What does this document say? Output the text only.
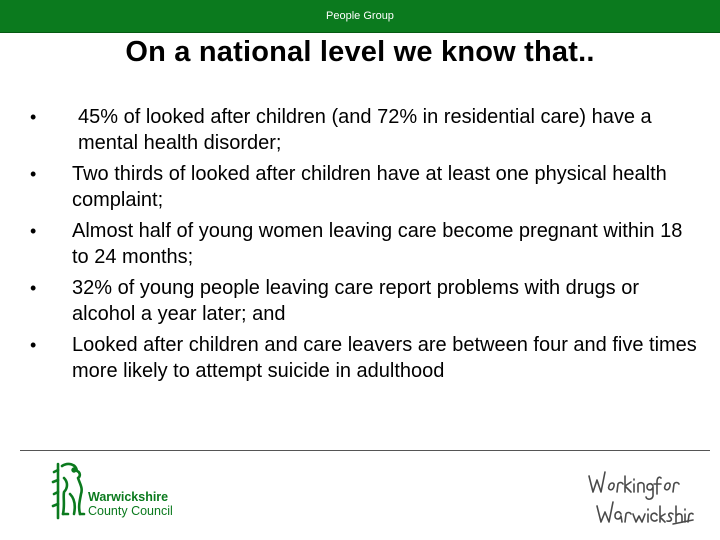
People Group
On a national level we know that..
• 45% of looked after children (and 72% in residential care) have a mental health disorder;
• Two thirds of looked after children have at least one physical health complaint;
• Almost half of young women leaving care become pregnant within 18 to 24 months;
• 32% of young people leaving care report problems with drugs or alcohol a year later; and
• Looked after children and care leavers are between four and five times more likely to attempt suicide in adulthood
Warwickshire
County Council
